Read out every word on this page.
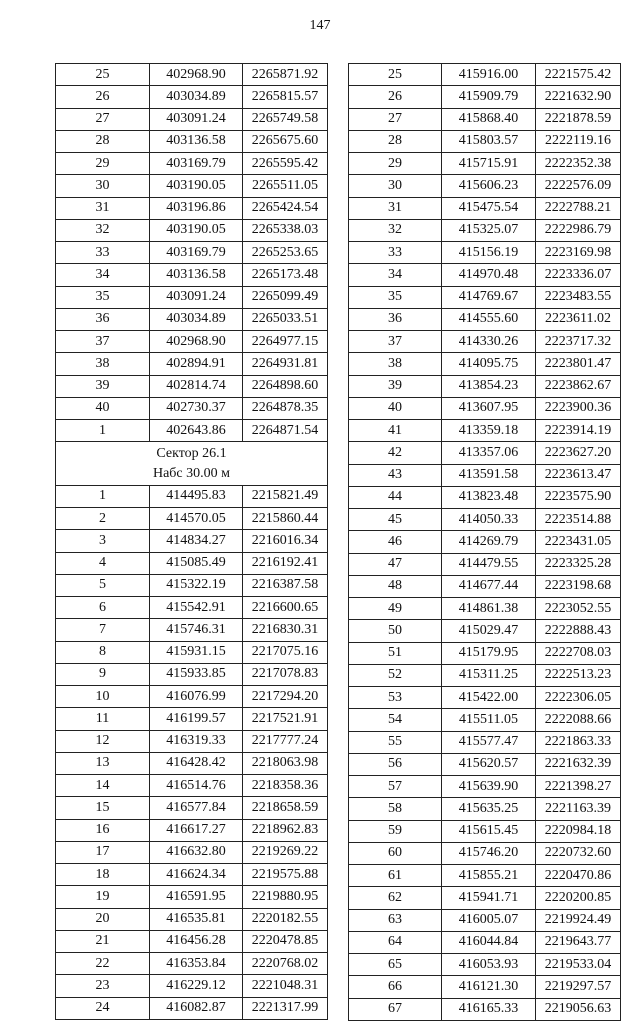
147
25	402968.90	2265871.92
26	403034.89	2265815.57
27	403091.24	2265749.58
28	403136.58	2265675.60
29	403169.79	2265595.42
30	403190.05	2265511.05
31	403196.86	2265424.54
32	403190.05	2265338.03
33	403169.79	2265253.65
34	403136.58	2265173.48
35	403091.24	2265099.49
36	403034.89	2265033.51
37	402968.90	2264977.15
38	402894.91	2264931.81
39	402814.74	2264898.60
40	402730.37	2264878.35
1	402643.86	2264871.54

Сектор 26.1
Набс 30.00 м		

1	414495.83	2215821.49
2	414570.05	2215860.44
3	414834.27	2216016.34
4	415085.49	2216192.41
5	415322.19	2216387.58
6	415542.91	2216600.65
7	415746.31	2216830.31
8	415931.15	2217075.16
9	415933.85	2217078.83
10	416076.99	2217294.20
11	416199.57	2217521.91
12	416319.33	2217777.24
13	416428.42	2218063.98
14	416514.76	2218358.36
15	416577.84	2218658.59
16	416617.27	2218962.83
17	416632.80	2219269.22
18	416624.34	2219575.88
19	416591.95	2219880.95
20	416535.81	2220182.55
21	416456.28	2220478.85
22	416353.84	2220768.02
23	416229.12	2221048.31
24	416082.87	2221317.99
25	415916.00	2221575.42
26	415909.79	2221632.90
27	415868.40	2221878.59
28	415803.57	2222119.16
29	415715.91	2222352.38
30	415606.23	2222576.09
31	415475.54	2222788.21
32	415325.07	2222986.79
33	415156.19	2223169.98
34	414970.48	2223336.07
35	414769.67	2223483.55
36	414555.60	2223611.02
37	414330.26	2223717.32
38	414095.75	2223801.47
39	413854.23	2223862.67
40	413607.95	2223900.36
41	413359.18	2223914.19
42	413357.06	2223627.20
43	413591.58	2223613.47
44	413823.48	2223575.90
45	414050.33	2223514.88
46	414269.79	2223431.05
47	414479.55	2223325.28
48	414677.44	2223198.68
49	414861.38	2223052.55
50	415029.47	2222888.43
51	415179.95	2222708.03
52	415311.25	2222513.23
53	415422.00	2222306.05
54	415511.05	2222088.66
55	415577.47	2221863.33
56	415620.57	2221632.39
57	415639.90	2221398.27
58	415635.25	2221163.39
59	415615.45	2220984.18
60	415746.20	2220732.60
61	415855.21	2220470.86
62	415941.71	2220200.85
63	416005.07	2219924.49
64	416044.84	2219643.77
65	416053.93	2219533.04
66	416121.30	2219297.57
67	416165.33	2219056.63
